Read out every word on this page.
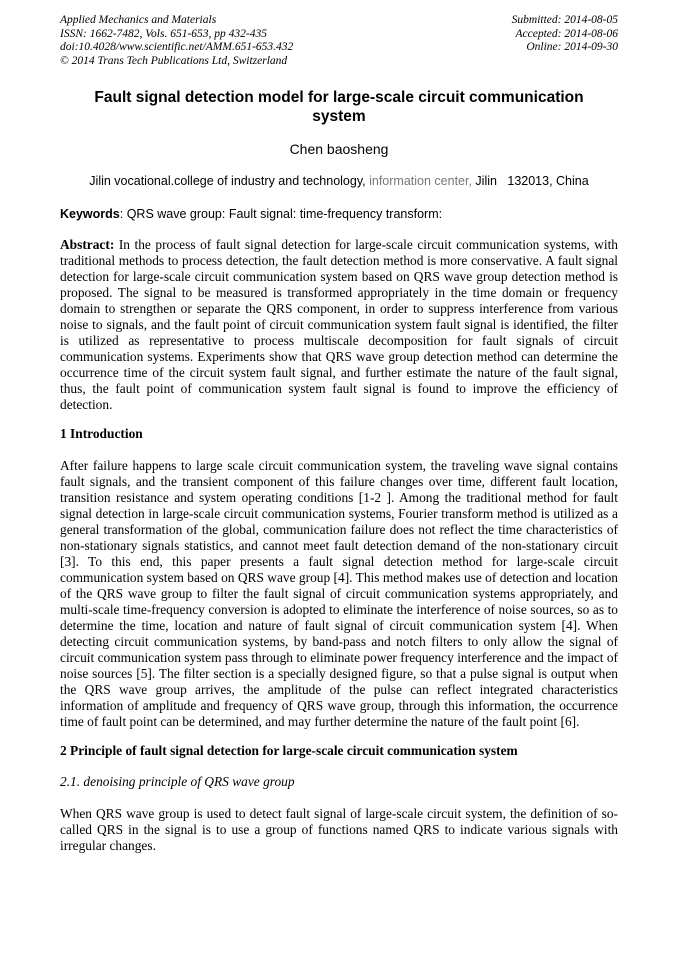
Applied Mechanics and Materials
ISSN: 1662-7482, Vols. 651-653, pp 432-435
doi:10.4028/www.scientific.net/AMM.651-653.432
© 2014 Trans Tech Publications Ltd, Switzerland
Submitted: 2014-08-05
Accepted: 2014-08-06
Online: 2014-09-30
Fault signal detection model for large-scale circuit communication system
Chen baosheng
Jilin vocational.college of industry and technology, information center, Jilin   132013, China

Keywords: QRS wave group: Fault signal: time-frequency transform:

Abstract: In the process of fault signal detection for large-scale circuit communication systems, with traditional methods to process detection, the fault detection method is more conservative. A fault signal detection for large-scale circuit communication system based on QRS wave group detection method is proposed. The signal to be measured is transformed appropriately in the time domain or frequency domain to strengthen or separate the QRS component, in order to suppress interference from various noise to signals, and the fault point of circuit communication system fault signal is identified, the filter is utilized as representative to process multiscale decomposition for fault signals of circuit communication systems. Experiments show that QRS wave group detection method can determine the occurrence time of the circuit system fault signal, and further estimate the nature of the fault signal, thus, the fault point of communication system fault signal is found to improve the efficiency of detection.

1 Introduction

After failure happens to large scale circuit communication system, the traveling wave signal contains fault signals, and the transient component of this failure changes over time, different fault location, transition resistance and system operating conditions [1-2 ]. Among the traditional method for fault signal detection in large-scale circuit communication systems, Fourier transform method is utilized as a general transformation of the global, communication failure does not reflect the time characteristics of non-stationary signals statistics, and cannot meet fault detection demand of the non-stationary circuit [3]. To this end, this paper presents a fault signal detection method for large-scale circuit communication system based on QRS wave group [4]. This method makes use of detection and location of the QRS wave group to filter the fault signal of circuit communication systems appropriately, and multi-scale time-frequency conversion is adopted to eliminate the interference of noise sources, so as to determine the time, location and nature of fault signal of circuit communication system [4]. When detecting circuit communication systems, by band-pass and notch filters to only allow the signal of circuit communication system pass through to eliminate power frequency interference and the impact of noise sources [5]. The filter section is a specially designed figure, so that a pulse signal is output when the QRS wave group arrives, the amplitude of the pulse can reflect integrated characteristics information of amplitude and frequency of QRS wave group, through this information, the occurrence time of fault point can be determined, and may further determine the nature of the fault point [6].

2 Principle of fault signal detection for large-scale circuit communication system
2.1. denoising principle of QRS wave group

When QRS wave group is used to detect fault signal of large-scale circuit system, the definition of so-called QRS in the signal is to use a group of functions named QRS to indicate various signals with irregular changes.
